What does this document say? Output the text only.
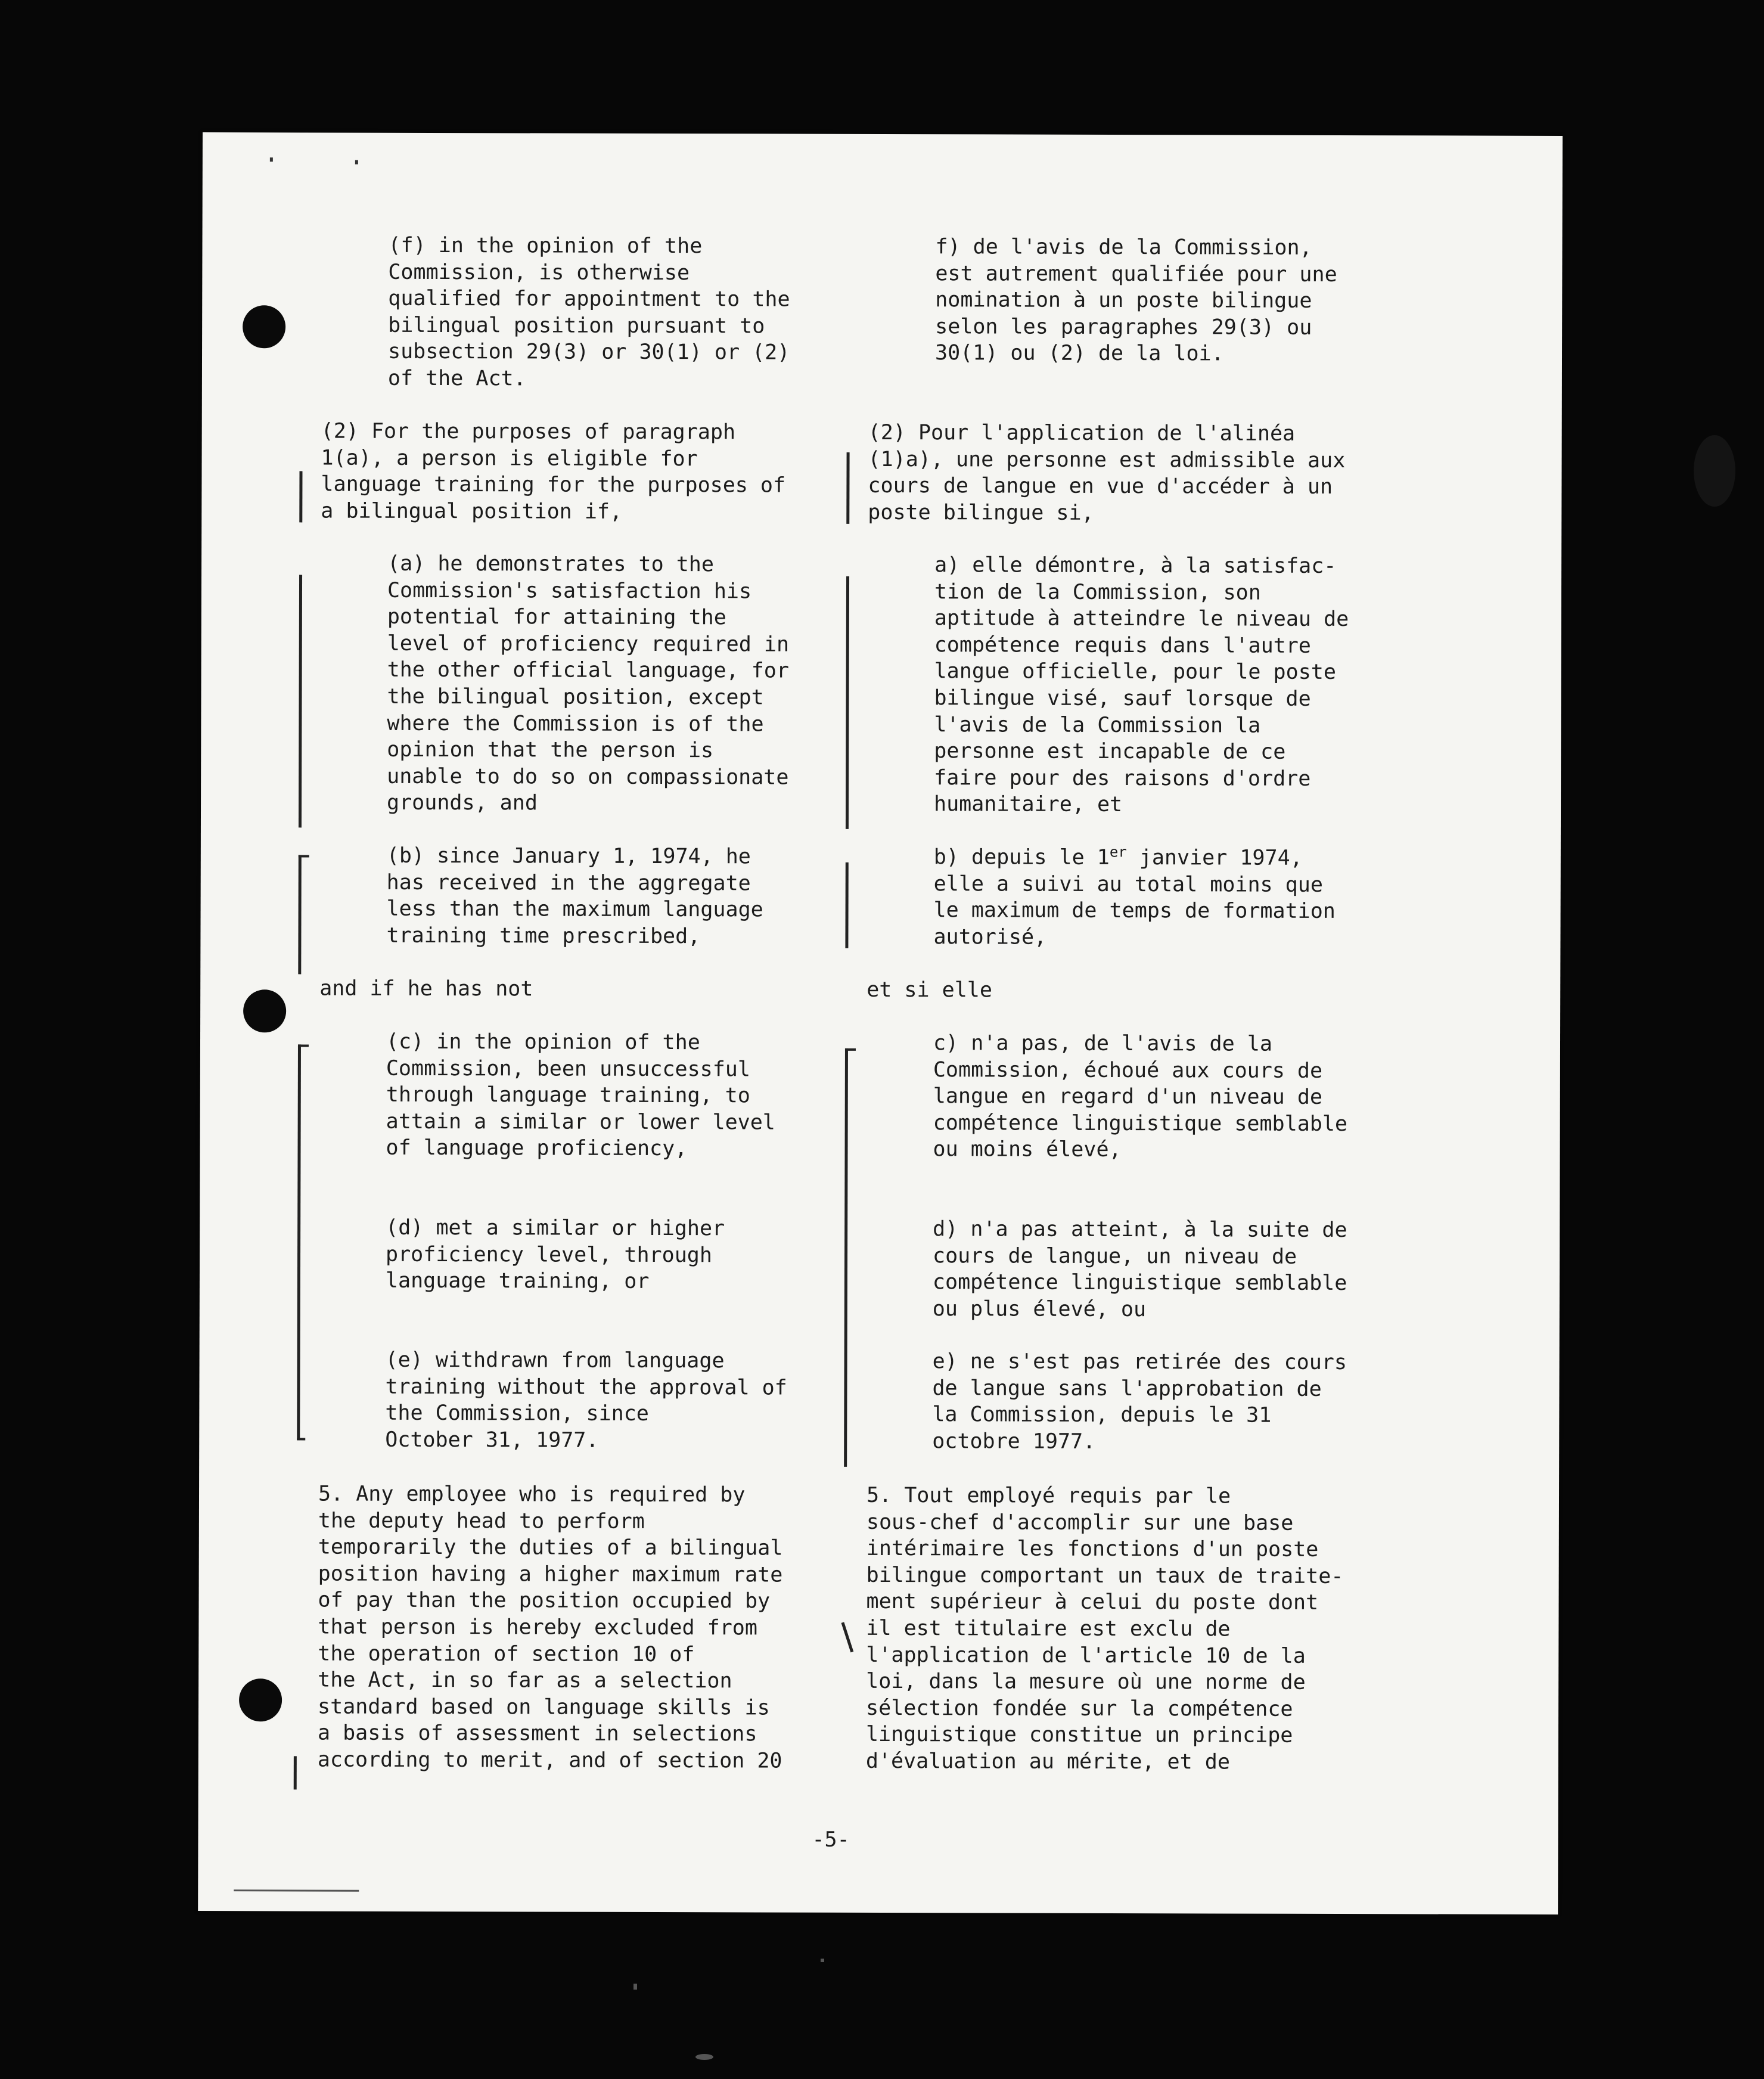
(f) in the opinion of the
Commission, is otherwise
qualified for appointment to the
bilingual position pursuant to
subsection 29(3) or 30(1) or (2)
of the Act.
(2) For the purposes of paragraph
1(a), a person is eligible for
language training for the purposes of
a bilingual position if,
(a) he demonstrates to the
Commission's satisfaction his
potential for attaining the
level of proficiency required in
the other official language, for
the bilingual position, except
where the Commission is of the
opinion that the person is
unable to do so on compassionate
grounds, and
(b) since January 1, 1974, he
has received in the aggregate
less than the maximum language
training time prescribed,
and if he has not
(c) in the opinion of the
Commission, been unsuccessful
through language training, to
attain a similar or lower level
of language proficiency,
(d) met a similar or higher
proficiency level, through
language training, or
(e) withdrawn from language
training without the approval of
the Commission, since
October 31, 1977.
5. Any employee who is required by
the deputy head to perform
temporarily the duties of a bilingual
position having a higher maximum rate
of pay than the position occupied by
that person is hereby excluded from
the operation of section 10 of
the Act, in so far as a selection
standard based on language skills is
a basis of assessment in selections
according to merit, and of section 20
f) de l'avis de la Commission,
est autrement qualifiée pour une
nomination à un poste bilingue
selon les paragraphes 29(3) ou
30(1) ou (2) de la loi.
(2) Pour l'application de l'alinéa
(1)a), une personne est admissible aux
cours de langue en vue d'accéder à un
poste bilingue si,
a) elle démontre, à la satisfac-
tion de la Commission, son
aptitude à atteindre le niveau de
compétence requis dans l'autre
langue officielle, pour le poste
bilingue visé, sauf lorsque de
l'avis de la Commission la
personne est incapable de ce
faire pour des raisons d'ordre
humanitaire, et
b) depuis le 1er janvier 1974,
elle a suivi au total moins que
le maximum de temps de formation
autorisé,
et si elle
c) n'a pas, de l'avis de la
Commission, échoué aux cours de
langue en regard d'un niveau de
compétence linguistique semblable
ou moins élevé,
d) n'a pas atteint, à la suite de
cours de langue, un niveau de
compétence linguistique semblable
ou plus élevé, ou
e) ne s'est pas retirée des cours
de langue sans l'approbation de
la Commission, depuis le 31
octobre 1977.
5. Tout employé requis par le
sous-chef d'accomplir sur une base
intérimaire les fonctions d'un poste
bilingue comportant un taux de traite-
ment supérieur à celui du poste dont
il est titulaire est exclu de
l'application de l'article 10 de la
loi, dans la mesure où une norme de
sélection fondée sur la compétence
linguistique constitue un principe
d'évaluation au mérite, et de
-5-
